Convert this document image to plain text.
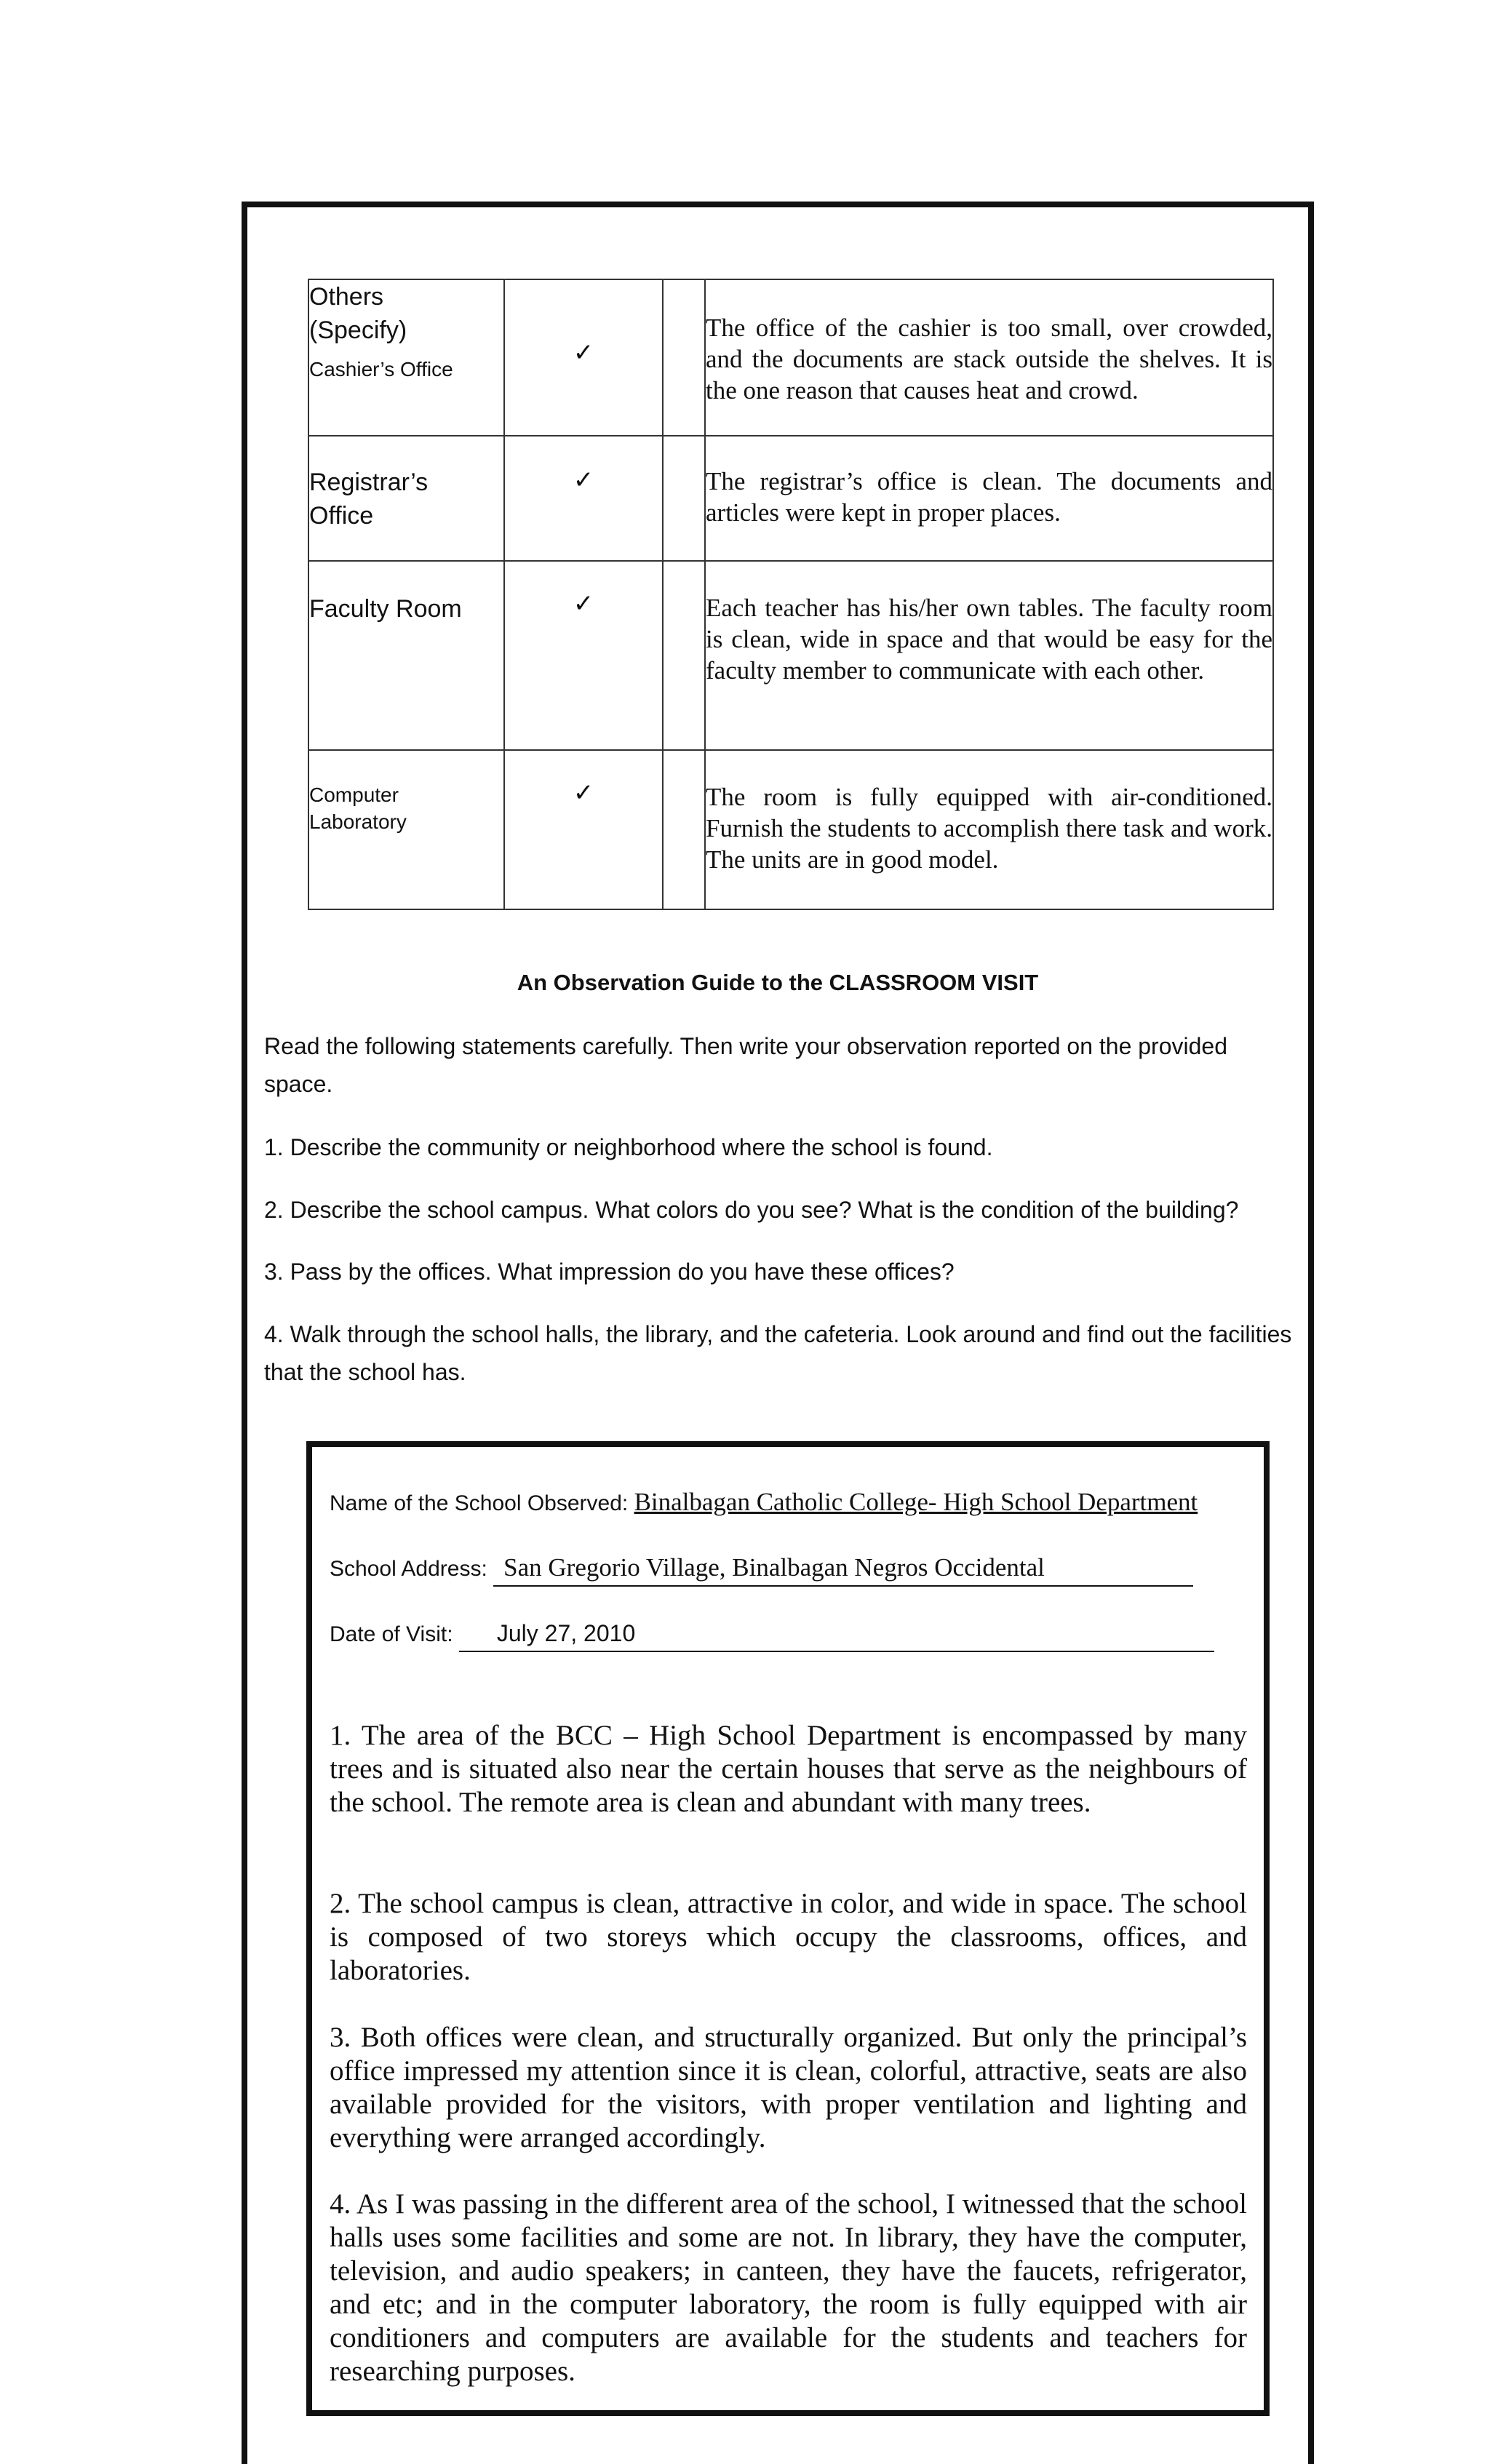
Others (Specify)
Cashier’s Office	✓		The office of the cashier is too small, over crowded, and the documents are stack outside the shelves. It is the one reason that causes heat and crowd.

Registrar’s Office	✓		The registrar’s office is clean. The documents and articles were kept in proper places.

Faculty Room	✓		Each teacher has his/her own tables. The faculty room is clean, wide in space and that would be easy for the faculty member to communicate with each other.

Computer Laboratory	✓		The room is fully equipped with air-conditioned. Furnish the students to accomplish there task and work. The units are in good model.
An Observation Guide to the CLASSROOM VISIT
Read the following statements carefully. Then write your observation reported on the provided space.
1. Describe the community or neighborhood where the school is found.
2. Describe the school campus. What colors do you see? What is the condition of the building?
3. Pass by the offices. What impression do you have these offices?
4. Walk through the school halls, the library, and the cafeteria. Look around and find out the facilities that the school has.
Name of the School Observed: Binalbagan Catholic College- High School Department
School Address: San Gregorio Village, Binalbagan Negros Occidental
Date of Visit: July 27, 2010
1. The area of the BCC – High School Department is encompassed by many trees and is situated also near the certain houses that serve as the neighbours of the school. The remote area is clean and abundant with many trees.
2. The school campus is clean, attractive in color, and wide in space. The school is composed of two storeys which occupy the classrooms, offices, and laboratories.
3. Both offices were clean, and structurally organized. But only the principal’s office impressed my attention since it is clean, colorful, attractive, seats are also available provided for the visitors, with proper ventilation and lighting and everything were arranged accordingly.
4. As I was passing in the different area of the school, I witnessed that the school halls uses some facilities and some are not. In library, they have the computer, television, and audio speakers; in canteen, they have the faucets, refrigerator, and etc; and in the computer laboratory, the room is fully equipped with air conditioners and computers are available for the students and teachers for researching purposes.
